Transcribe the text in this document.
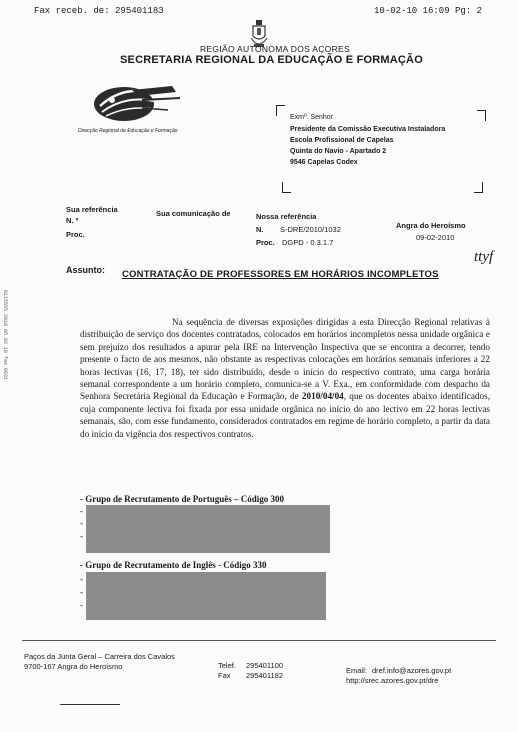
Fax receb. de: 295401183	10-02-10 16:09 Pg: 2
REGIÃO AUTÓNOMA DOS AÇORES
SECRETARIA REGIONAL DA EDUCAÇÃO E FORMAÇÃO
Direcção Regional da Educação e Formação
Exmº. Senhor
Presidente da Comissão Executiva Instaladora
Escola Profissional de Capelas
Quinta do Navio - Apartado 2
9546 Capelas Codex
Sua referência
N. º
Proc.
Sua comunicação de	Nossa referência
N. S-DRE/2010/1032
Proc. DGPD - 0.3.1.7
Angra do Heroísmo
09-02-2010
Assunto: CONTRATAÇÃO DE PROFESSORES EM HORÁRIOS INCOMPLETOS
ttyf
0115555 2010 05 02 10 fax 0031	Na sequência de diversas exposições dirigidas a esta Direcção Regional relativas à distribuição de serviço dos docentes contratados, colocados em horários incompletos nessa unidade orgânica e sem prejuízo dos resultados a apurar pela IRE na Intervenção Inspectiva que se encontra a decorrer, tendo presente o facto de aos mesmos, não obstante as respectivas colocações em horários semanais inferiores a 22 horas lectivas (16, 17, 18), ter sido distribuído, desde o início do respectivo contrato, uma carga horária semanal correspondente a um horário completo, comunica-se a V. Exa., em conformidade com despacho da Senhora Secretária Regional da Educação e Formação, de 2010/04/04, que os docentes abaixo identificados, cuja componente lectiva foi fixada por essa unidade orgânica no início do ano lectivo em 22 horas lectivas semanais, são, com esse fundamento, considerados contratados em regime de horário completo, a partir da data do início da vigência dos respectivos contratos.

- Grupo de Recrutamento de Português – Código 300
-
-
-
- Grupo de Recrutamento de Inglês - Código 330
-
-
-
Paços da Junta Geral – Carreira dos Cavalos
9700-167 Angra do Heroísmo	Telef. 295401100
Fax 295401182
Email: dref.info@azores.gov.pt
http://srec.azores.gov.pt/dre
